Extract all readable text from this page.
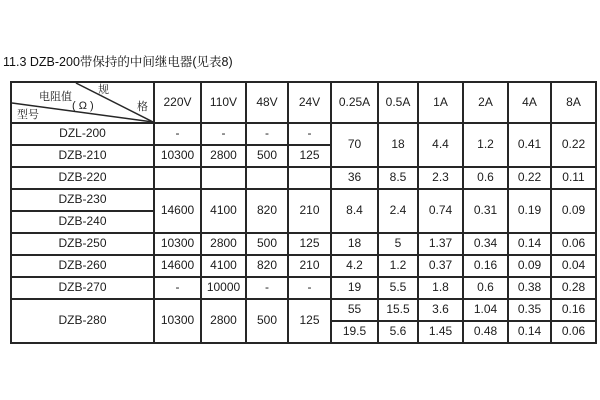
11.3 DZB-200带保持的中间继电器(见表8)
规
格
电阻值
( Ω )
型号	220V	110V	48V	24V	0.25A	0.5A	1A	2A	4A	8A
DZL-200	-	-	-	-	70	18	4.4	1.2	0.41	0.22
DZB-210	10300	2800	500	125						
DZB-220					36	8.5	2.3	0.6	0.22	0.11
DZB-230	14600	4100	820	210	8.4	2.4	0.74	0.31	0.19	0.09
DZB-240										
DZB-250	10300	2800	500	125	18	5	1.37	0.34	0.14	0.06
DZB-260	14600	4100	820	210	4.2	1.2	0.37	0.16	0.09	0.04
DZB-270	-	10000	-	-	19	5.5	1.8	0.6	0.38	0.28
DZB-280	10300	2800	500	125	55	15.5	3.6	1.04	0.35	0.16
					19.5	5.6	1.45	0.48	0.14	0.06
